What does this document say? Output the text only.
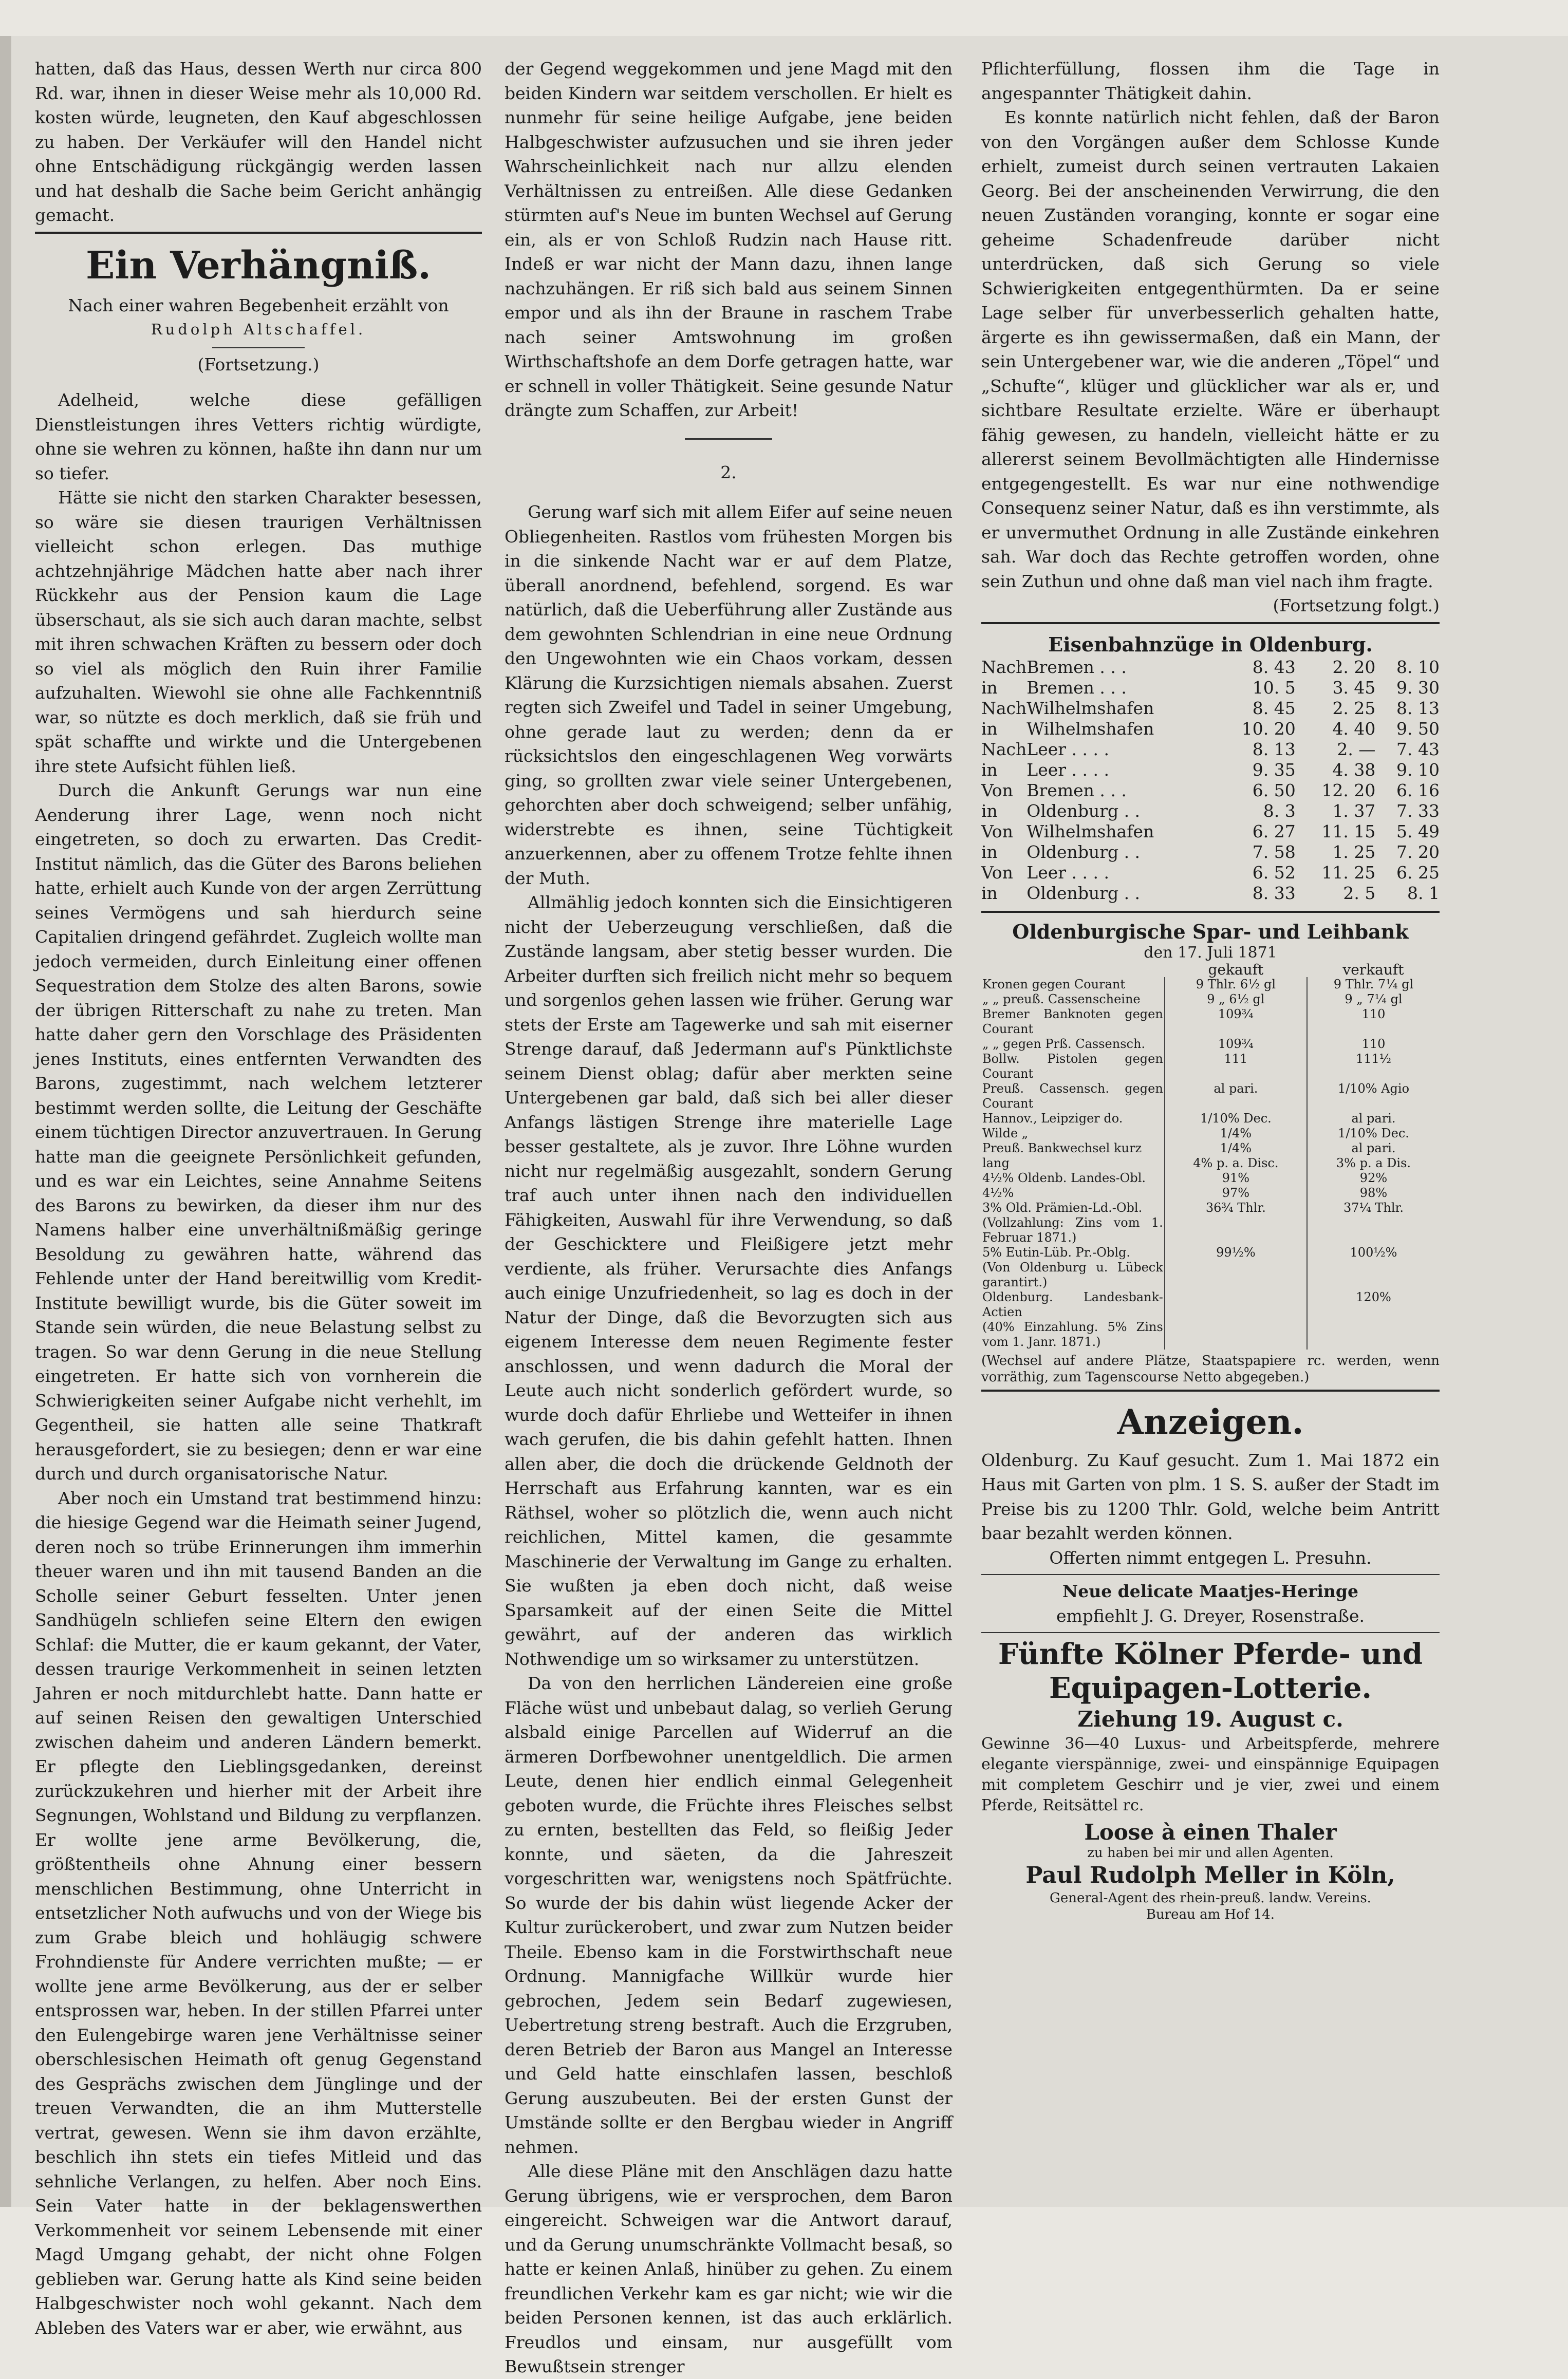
hatten, daß das Haus, dessen Werth nur circa 800 Rd. war, ihnen in dieser Weise mehr als 10,000 Rd. kosten würde, leugneten, den Kauf abgeschlossen zu haben. Der Verkäufer will den Handel nicht ohne Entschädigung rückgängig werden lassen und hat deshalb die Sache beim Gericht anhängig gemacht.

Ein Verhängniß.

Nach einer wahren Begebenheit erzählt von

Rudolph Altschaffel.

(Fortsetzung.)

Adelheid, welche diese gefälligen Dienstleistungen ihres Vetters richtig würdigte, ohne sie wehren zu können, haßte ihn dann nur um so tiefer.

Hätte sie nicht den starken Charakter besessen, so wäre sie diesen traurigen Verhältnissen vielleicht schon erlegen. Das muthige achtzehnjährige Mädchen hatte aber nach ihrer Rückkehr aus der Pension kaum die Lage übserschaut, als sie sich auch daran machte, selbst mit ihren schwachen Kräften zu bessern oder doch so viel als möglich den Ruin ihrer Familie aufzuhalten. Wiewohl sie ohne alle Fachkenntniß war, so nützte es doch merklich, daß sie früh und spät schaffte und wirkte und die Untergebenen ihre stete Aufsicht fühlen ließ.

Durch die Ankunft Gerungs war nun eine Aenderung ihrer Lage, wenn noch nicht eingetreten, so doch zu erwarten. Das Credit-Institut nämlich, das die Güter des Barons beliehen hatte, erhielt auch Kunde von der argen Zerrüttung seines Vermögens und sah hierdurch seine Capitalien dringend gefährdet. Zugleich wollte man jedoch vermeiden, durch Einleitung einer offenen Sequestration dem Stolze des alten Barons, sowie der übrigen Ritterschaft zu nahe zu treten. Man hatte daher gern den Vorschlage des Präsidenten jenes Instituts, eines entfernten Verwandten des Barons, zugestimmt, nach welchem letzterer bestimmt werden sollte, die Leitung der Geschäfte einem tüchtigen Director anzuvertrauen. In Gerung hatte man die geeignete Persönlichkeit gefunden, und es war ein Leichtes, seine Annahme Seitens des Barons zu bewirken, da dieser ihm nur des Namens halber eine unverhältnißmäßig geringe Besoldung zu gewähren hatte, während das Fehlende unter der Hand bereitwillig vom Kredit-Institute bewilligt wurde, bis die Güter soweit im Stande sein würden, die neue Belastung selbst zu tragen. So war denn Gerung in die neue Stellung eingetreten. Er hatte sich von vornherein die Schwierigkeiten seiner Aufgabe nicht verhehlt, im Gegentheil, sie hatten alle seine Thatkraft herausgefordert, sie zu besiegen; denn er war eine durch und durch organisatorische Natur.

Aber noch ein Umstand trat bestimmend hinzu: die hiesige Gegend war die Heimath seiner Jugend, deren noch so trübe Erinnerungen ihm immerhin theuer waren und ihn mit tausend Banden an die Scholle seiner Geburt fesselten. Unter jenen Sandhügeln schliefen seine Eltern den ewigen Schlaf: die Mutter, die er kaum gekannt, der Vater, dessen traurige Verkommenheit in seinen letzten Jahren er noch mitdurchlebt hatte. Dann hatte er auf seinen Reisen den gewaltigen Unterschied zwischen daheim und anderen Ländern bemerkt. Er pflegte den Lieblingsgedanken, dereinst zurückzukehren und hierher mit der Arbeit ihre Segnungen, Wohlstand und Bildung zu verpflanzen. Er wollte jene arme Bevölkerung, die, größtentheils ohne Ahnung einer bessern menschlichen Bestimmung, ohne Unterricht in entsetzlicher Noth aufwuchs und von der Wiege bis zum Grabe bleich und hohläugig schwere Frohndienste für Andere verrichten mußte; — er wollte jene arme Bevölkerung, aus der er selber entsprossen war, heben. In der stillen Pfarrei unter den Eulengebirge waren jene Verhältnisse seiner oberschlesischen Heimath oft genug Gegenstand des Gesprächs zwischen dem Jünglinge und der treuen Verwandten, die an ihm Mutterstelle vertrat, gewesen. Wenn sie ihm davon erzählte, beschlich ihn stets ein tiefes Mitleid und das sehnliche Verlangen, zu helfen. Aber noch Eins. Sein Vater hatte in der beklagenswerthen Verkommenheit vor seinem Lebensende mit einer Magd Umgang gehabt, der nicht ohne Folgen geblieben war. Gerung hatte als Kind seine beiden Halbgeschwister noch wohl gekannt. Nach dem Ableben des Vaters war er aber, wie erwähnt, aus

der Gegend weggekommen und jene Magd mit den beiden Kindern war seitdem verschollen. Er hielt es nunmehr für seine heilige Aufgabe, jene beiden Halbgeschwister aufzusuchen und sie ihren jeder Wahrscheinlichkeit nach nur allzu elenden Verhältnissen zu entreißen. Alle diese Gedanken stürmten auf's Neue im bunten Wechsel auf Gerung ein, als er von Schloß Rudzin nach Hause ritt. Indeß er war nicht der Mann dazu, ihnen lange nachzuhängen. Er riß sich bald aus seinem Sinnen empor und als ihn der Braune in raschem Trabe nach seiner Amtswohnung im großen Wirthschaftshofe an dem Dorfe getragen hatte, war er schnell in voller Thätigkeit. Seine gesunde Natur drängte zum Schaffen, zur Arbeit!

2.

Gerung warf sich mit allem Eifer auf seine neuen Obliegenheiten. Rastlos vom frühesten Morgen bis in die sinkende Nacht war er auf dem Platze, überall anordnend, befehlend, sorgend. Es war natürlich, daß die Ueberführung aller Zustände aus dem gewohnten Schlendrian in eine neue Ordnung den Ungewohnten wie ein Chaos vorkam, dessen Klärung die Kurzsichtigen niemals absahen. Zuerst regten sich Zweifel und Tadel in seiner Umgebung, ohne gerade laut zu werden; denn da er rücksichtslos den eingeschlagenen Weg vorwärts ging, so grollten zwar viele seiner Untergebenen, gehorchten aber doch schweigend; selber unfähig, widerstrebte es ihnen, seine Tüchtigkeit anzuerkennen, aber zu offenem Trotze fehlte ihnen der Muth.

Allmählig jedoch konnten sich die Einsichtigeren nicht der Ueberzeugung verschließen, daß die Zustände langsam, aber stetig besser wurden. Die Arbeiter durften sich freilich nicht mehr so bequem und sorgenlos gehen lassen wie früher. Gerung war stets der Erste am Tagewerke und sah mit eiserner Strenge darauf, daß Jedermann auf's Pünktlichste seinem Dienst oblag; dafür aber merkten seine Untergebenen gar bald, daß sich bei aller dieser Anfangs lästigen Strenge ihre materielle Lage besser gestaltete, als je zuvor. Ihre Löhne wurden nicht nur regelmäßig ausgezahlt, sondern Gerung traf auch unter ihnen nach den individuellen Fähigkeiten, Auswahl für ihre Verwendung, so daß der Geschicktere und Fleißigere jetzt mehr verdiente, als früher. Verursachte dies Anfangs auch einige Unzufriedenheit, so lag es doch in der Natur der Dinge, daß die Bevorzugten sich aus eigenem Interesse dem neuen Regimente fester anschlossen, und wenn dadurch die Moral der Leute auch nicht sonderlich gefördert wurde, so wurde doch dafür Ehrliebe und Wetteifer in ihnen wach gerufen, die bis dahin gefehlt hatten. Ihnen allen aber, die doch die drückende Geldnoth der Herrschaft aus Erfahrung kannten, war es ein Räthsel, woher so plötzlich die, wenn auch nicht reichlichen, Mittel kamen, die gesammte Maschinerie der Verwaltung im Gange zu erhalten. Sie wußten ja eben doch nicht, daß weise Sparsamkeit auf der einen Seite die Mittel gewährt, auf der anderen das wirklich Nothwendige um so wirksamer zu unterstützen.

Da von den herrlichen Ländereien eine große Fläche wüst und unbebaut dalag, so verlieh Gerung alsbald einige Parcellen auf Widerruf an die ärmeren Dorfbewohner unentgeldlich. Die armen Leute, denen hier endlich einmal Gelegenheit geboten wurde, die Früchte ihres Fleisches selbst zu ernten, bestellten das Feld, so fleißig Jeder konnte, und säeten, da die Jahreszeit vorgeschritten war, wenigstens noch Spätfrüchte. So wurde der bis dahin wüst liegende Acker der Kultur zurückerobert, und zwar zum Nutzen beider Theile. Ebenso kam in die Forstwirthschaft neue Ordnung. Mannigfache Willkür wurde hier gebrochen, Jedem sein Bedarf zugewiesen, Uebertretung streng bestraft. Auch die Erzgruben, deren Betrieb der Baron aus Mangel an Interesse und Geld hatte einschlafen lassen, beschloß Gerung auszubeuten. Bei der ersten Gunst der Umstände sollte er den Bergbau wieder in Angriff nehmen.

Alle diese Pläne mit den Anschlägen dazu hatte Gerung übrigens, wie er versprochen, dem Baron eingereicht. Schweigen war die Antwort darauf, und da Gerung unumschränkte Vollmacht besaß, so hatte er keinen Anlaß, hinüber zu gehen. Zu einem freundlichen Verkehr kam es gar nicht; wie wir die beiden Personen kennen, ist das auch erklärlich. Freudlos und einsam, nur ausgefüllt vom Bewußtsein strenger

Pflichterfüllung, flossen ihm die Tage in angespannter Thätigkeit dahin.

Es konnte natürlich nicht fehlen, daß der Baron von den Vorgängen außer dem Schlosse Kunde erhielt, zumeist durch seinen vertrauten Lakaien Georg. Bei der anscheinenden Verwirrung, die den neuen Zuständen voranging, konnte er sogar eine geheime Schadenfreude darüber nicht unterdrücken, daß sich Gerung so viele Schwierigkeiten entgegenthürmten. Da er seine Lage selber für unverbesserlich gehalten hatte, ärgerte es ihn gewissermaßen, daß ein Mann, der sein Untergebener war, wie die anderen „Töpel“ und „Schufte“, klüger und glücklicher war als er, und sichtbare Resultate erzielte. Wäre er überhaupt fähig gewesen, zu handeln, vielleicht hätte er zu allererst seinem Bevollmächtigten alle Hindernisse entgegengestellt. Es war nur eine nothwendige Consequenz seiner Natur, daß es ihn verstimmte, als er unvermuthet Ordnung in alle Zustände einkehren sah. War doch das Rechte getroffen worden, ohne sein Zuthun und ohne daß man viel nach ihm fragte.

(Fortsetzung folgt.)

Eisenbahnzüge in Oldenburg.				
Nach	Bremen . . .	8. 43	2. 20	8. 10
in	Bremen . . .	10. 5	3. 45	9. 30
Nach	Wilhelmshafen	8. 45	2. 25	8. 13
in	Wilhelmshafen	10. 20	4. 40	9. 50
Nach	Leer . . . .	8. 13	2. —	7. 43
in	Leer . . . .	9. 35	4. 38	9. 10
Von	Bremen . . .	6. 50	12. 20	6. 16
in	Oldenburg . .	8. 3	1. 37	7. 33
Von	Wilhelmshafen	6. 27	11. 15	5. 49
in	Oldenburg . .	7. 58	1. 25	7. 20
Von	Leer . . . .	6. 52	11. 25	6. 25
in	Oldenburg . .	8. 33	2. 5	8. 1
Oldenburgische Spar- und Leihbank
den 17. Juli 1871
	gekauft	verkauft
Kronen gegen Courant	9 Thlr. 6½ gl	9 Thlr. 7¼ gl
„ „ preuß. Cassenscheine	9 „ 6½ gl	9 „ 7¼ gl
Bremer Banknoten gegen Courant	109¾	110
„ „ gegen Prß. Cassensch.	109¾	110
Bollw. Pistolen gegen Courant	111	111½
Preuß. Cassensch. gegen Courant	al pari.	1/10% Agio
Hannov., Leipziger do.	1/10% Dec.	al pari.
Wilde „	1/4%	1/10% Dec.
Preuß. Bankwechsel kurz	1/4%	al pari.
lang	4% p. a. Disc.	3% p. a Dis.
4½% Oldenb. Landes-Obl.	91%	92%
4½%	97%	98%
3% Old. Prämien-Ld.-Obl.	36¾ Thlr.	37¼ Thlr.
(Vollzahlung: Zins vom 1. Februar 1871.)		
5% Eutin-Lüb. Pr.-Oblg.	99½%	100½%
(Von Oldenburg u. Lübeck garantirt.)		
Oldenburg. Landesbank-Actien		120%
(40% Einzahlung. 5% Zins vom 1. Janr. 1871.)		

(Wechsel auf andere Plätze, Staatspapiere rc. werden, wenn vorräthig, zum Tagenscourse Netto abgegeben.)

Anzeigen.

Oldenburg. Zu Kauf gesucht. Zum 1. Mai 1872 ein Haus mit Garten von plm. 1 S. S. außer der Stadt im Preise bis zu 1200 Thlr. Gold, welche beim Antritt baar bezahlt werden können.

Offerten nimmt entgegen L. Presuhn.

Neue delicate Maatjes-Heringe

empfiehlt J. G. Dreyer, Rosenstraße.

Fünfte Kölner Pferde- und Equipagen-Lotterie.

Ziehung 19. August c.

Gewinne 36—40 Luxus- und Arbeitspferde, mehrere elegante vierspännige, zwei- und einspännige Equipagen mit completem Geschirr und je vier, zwei und einem Pferde, Reitsättel rc.

Loose à einen Thaler

zu haben bei mir und allen Agenten.

Paul Rudolph Meller in Köln,

General-Agent des rhein-preuß. landw. Vereins.

Bureau am Hof 14.
